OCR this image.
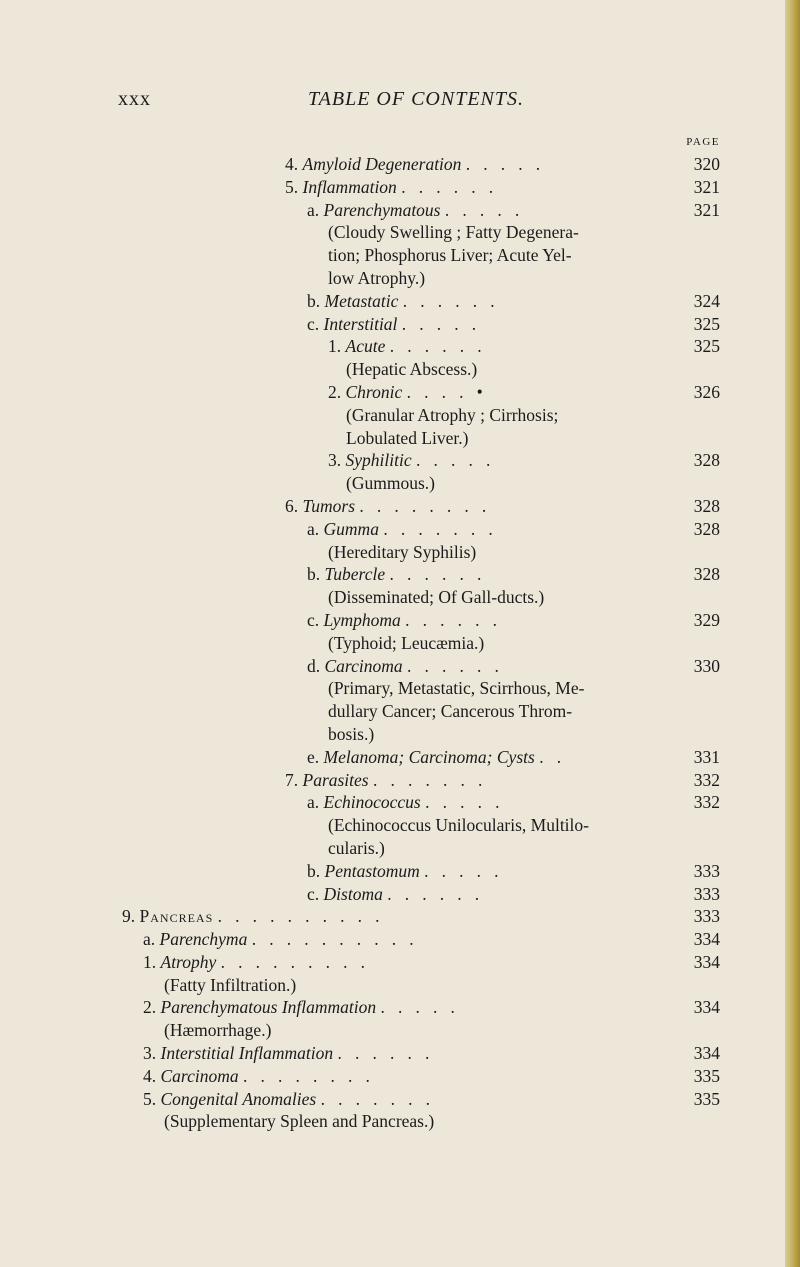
xxx	TABLE OF CONTENTS.
PAGE
4. Amyloid Degeneration .   .   .   .   .	320
5. Inflammation .   .   .   .   .   .	321
a. Parenchymatous .   .   .   .   .	321
(Cloudy Swelling ; Fatty Degenera-
tion; Phosphorus Liver; Acute Yel-
low Atrophy.)
b. Metastatic .   .   .   .   .   .	324
c. Interstitial .   .   .   .   .	325
1. Acute .   .   .   .   .   .	325
(Hepatic Abscess.)
2. Chronic .   .   .   .   •	326
(Granular Atrophy ; Cirrhosis;
Lobulated Liver.)
3. Syphilitic .   .   .   .   .	328
(Gummous.)
6. Tumors .   .   .   .   .   .   .   .	328
a. Gumma .   .   .   .   .   .   .	328
(Hereditary Syphilis)
b. Tubercle .   .   .   .   .   .	328
(Disseminated; Of Gall-ducts.)
c. Lymphoma .   .   .   .   .   .	329
(Typhoid; Leucæmia.)
d. Carcinoma .   .   .   .   .   .	330
(Primary, Metastatic, Scirrhous, Me-
dullary Cancer; Cancerous Throm-
bosis.)
e. Melanoma; Carcinoma; Cysts .   .	331
7. Parasites .   .   .   .   .   .   .	332
a. Echinococcus .   .   .   .   .	332
(Echinococcus Unilocularis, Multilo-
cularis.)
b. Pentastomum .   .   .   .   .	333
c. Distoma .   .   .   .   .   .	333
9. Pancreas .   .   .   .   .   .   .   .   .   .	333
a. Parenchyma .   .   .   .   .   .   .   .   .   .	334
1. Atrophy .   .   .   .   .   .   .   .   .	334
(Fatty Infiltration.)
2. Parenchymatous Inflammation .   .   .   .   .	334
(Hæmorrhage.)
3. Interstitial Inflammation .   .   .   .   .   .	334
4. Carcinoma .   .   .   .   .   .   .   .	335
5. Congenital Anomalies .   .   .   .   .   .   .	335
(Supplementary Spleen and Pancreas.)
